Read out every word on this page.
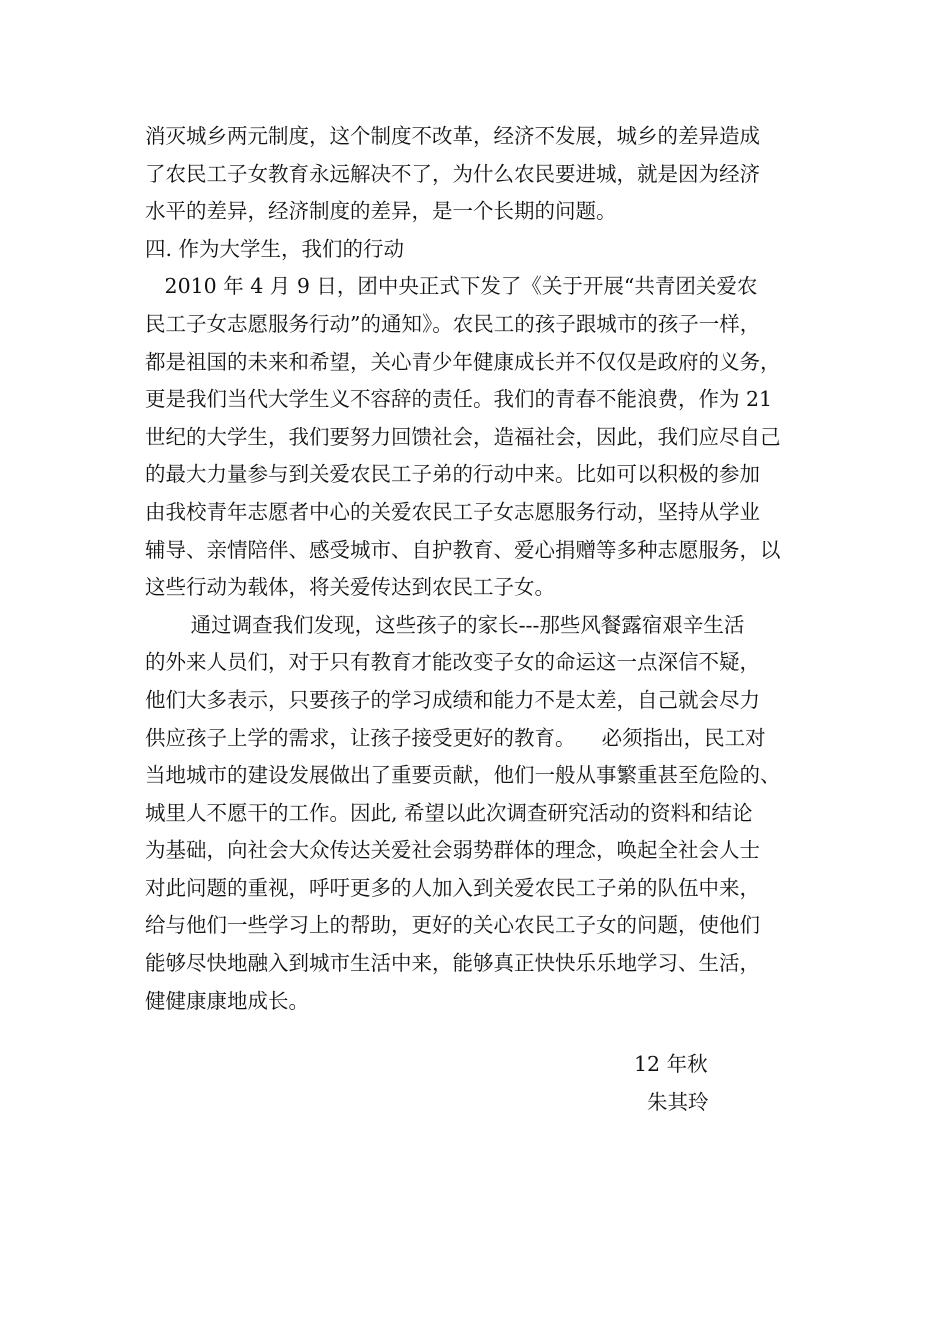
消灭城乡两元制度，这个制度不改革，经济不发展，城乡的差异造成
了农民工子女教育永远解决不了，为什么农民要进城，就是因为经济
水平的差异，经济制度的差异，是一个长期的问题。
四. 作为大学生，我们的行动
2010 年 4 月 9 日，团中央正式下发了《关于开展“共青团关爱农
民工子女志愿服务行动”的通知》。农民工的孩子跟城市的孩子一样，
都是祖国的未来和希望，关心青少年健康成长并不仅仅是政府的义务，
更是我们当代大学生义不容辞的责任。我们的青春不能浪费，作为 21
世纪的大学生，我们要努力回馈社会，造福社会，因此，我们应尽自己
的最大力量参与到关爱农民工子弟的行动中来。比如可以积极的参加
由我校青年志愿者中心的关爱农民工子女志愿服务行动，坚持从学业
辅导、亲情陪伴、感受城市、自护教育、爱心捐赠等多种志愿服务，以
这些行动为载体，将关爱传达到农民工子女。
通过调查我们发现，这些孩子的家长---那些风餐露宿艰辛生活
的外来人员们，对于只有教育才能改变子女的命运这一点深信不疑，
他们大多表示，只要孩子的学习成绩和能力不是太差，自己就会尽力
供应孩子上学的需求，让孩子接受更好的教育。    必须指出，民工对
当地城市的建设发展做出了重要贡献，他们一般从事繁重甚至危险的、
城里人不愿干的工作。因此, 希望以此次调查研究活动的资料和结论
为基础，向社会大众传达关爱社会弱势群体的理念，唤起全社会人士
对此问题的重视，呼吁更多的人加入到关爱农民工子弟的队伍中来，
给与他们一些学习上的帮助，更好的关心农民工子女的问题，使他们
能够尽快地融入到城市生活中来，能够真正快快乐乐地学习、生活，
健健康康地成长。
12 年秋
朱其玲
